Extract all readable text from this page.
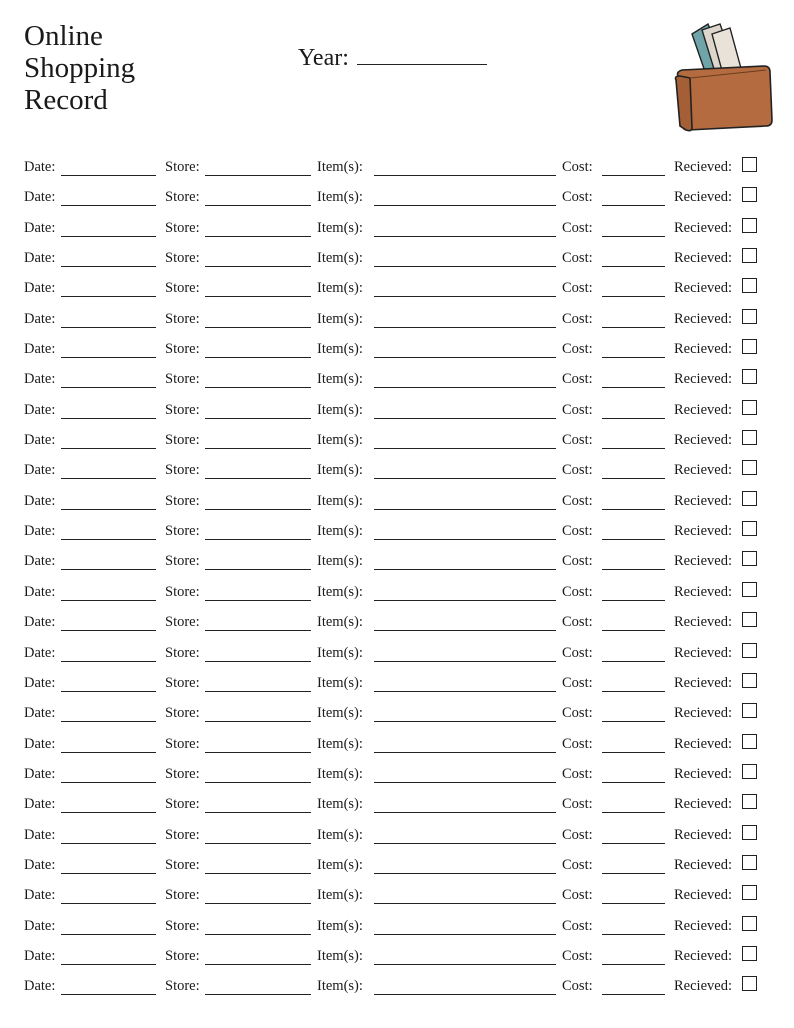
Online
Shopping
Record
Year:
Date:	Store:	Item(s):	Cost:	Recieved:
Date:	Store:	Item(s):	Cost:	Recieved:
Date:	Store:	Item(s):	Cost:	Recieved:
Date:	Store:	Item(s):	Cost:	Recieved:
Date:	Store:	Item(s):	Cost:	Recieved:
Date:	Store:	Item(s):	Cost:	Recieved:
Date:	Store:	Item(s):	Cost:	Recieved:
Date:	Store:	Item(s):	Cost:	Recieved:
Date:	Store:	Item(s):	Cost:	Recieved:
Date:	Store:	Item(s):	Cost:	Recieved:
Date:	Store:	Item(s):	Cost:	Recieved:
Date:	Store:	Item(s):	Cost:	Recieved:
Date:	Store:	Item(s):	Cost:	Recieved:
Date:	Store:	Item(s):	Cost:	Recieved:
Date:	Store:	Item(s):	Cost:	Recieved:
Date:	Store:	Item(s):	Cost:	Recieved:
Date:	Store:	Item(s):	Cost:	Recieved:
Date:	Store:	Item(s):	Cost:	Recieved:
Date:	Store:	Item(s):	Cost:	Recieved:
Date:	Store:	Item(s):	Cost:	Recieved:
Date:	Store:	Item(s):	Cost:	Recieved:
Date:	Store:	Item(s):	Cost:	Recieved:
Date:	Store:	Item(s):	Cost:	Recieved:
Date:	Store:	Item(s):	Cost:	Recieved:
Date:	Store:	Item(s):	Cost:	Recieved:
Date:	Store:	Item(s):	Cost:	Recieved:
Date:	Store:	Item(s):	Cost:	Recieved:
Date:	Store:	Item(s):	Cost:	Recieved:
